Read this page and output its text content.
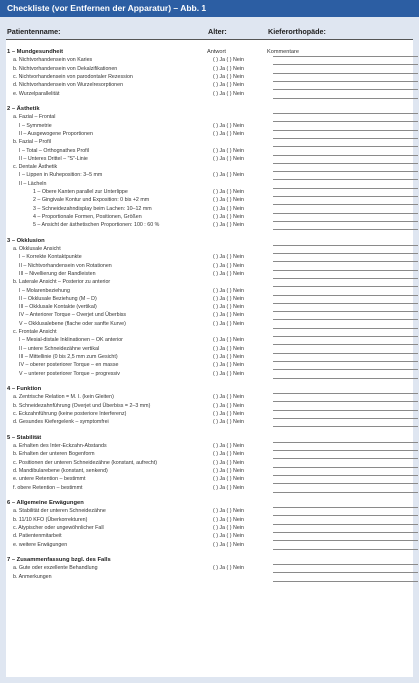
Checkliste (vor Entfernen der Apparatur) – Abb. 1
Patientenname:	Alter:	Kieferorthopäde:
Antwort	Kommentare
1 – Mundgesundheit
a. Nichtvorhandensein von Karies	( ) Ja ( ) Nein
b. Nichtvorhandensein von Dekalzifikationen	( ) Ja ( ) Nein
c. Nichtvorhandensein von parodontaler Rezession	( ) Ja ( ) Nein
d. Nichtvorhandensein von Wurzelresorptionen	( ) Ja ( ) Nein
e. Wurzelparallelität	( ) Ja ( ) Nein
2 – Ästhetik
a. Fazial – Frontal
I – Symmetrie	( ) Ja ( ) Nein
II – Ausgewogene Proportionen	( ) Ja ( ) Nein
b. Fazial – Profil
I – Total – Orthognathes Profil	( ) Ja ( ) Nein
II – Unteres Drittel – "S"-Linie	( ) Ja ( ) Nein
c. Dentale Ästhetik
I – Lippen in Ruheposition: 3–5 mm	( ) Ja ( ) Nein
II – Lächeln
1 – Obere Kanten parallel zur Unterlippe	( ) Ja ( ) Nein
2 – Gingivale Kontur und Exposition: 0 bis +2 mm	( ) Ja ( ) Nein
3 – Schneidezahndisplay beim Lachen: 10–12 mm	( ) Ja ( ) Nein
4 – Proportionale Formen, Positionen, Größen	( ) Ja ( ) Nein
5 – Ansicht der ästhetischen Proportionen: 100 : 60 %	( ) Ja ( ) Nein
3 – Okklusion
a. Okklusale Ansicht
I – Korrekte Kontaktpunkte	( ) Ja ( ) Nein
II – Nichtvorhandensein von Rotationen	( ) Ja ( ) Nein
III – Nivellierung der Randleisten	( ) Ja ( ) Nein
b. Laterale Ansicht – Posterior zu anterior
I – Molarenbeziehung	( ) Ja ( ) Nein
II – Okklusale Beziehung (M – D)	( ) Ja ( ) Nein
III – Okklusale Kontakte (vertikal)	( ) Ja ( ) Nein
IV – Anteriorer Torque – Overjet und Überbiss	( ) Ja ( ) Nein
V – Okklusalebene (flache oder sanfte Kurve)	( ) Ja ( ) Nein
c. Frontale Ansicht
I – Mesial-distale Inklinationen – OK anterior	( ) Ja ( ) Nein
II – untere Schneidezähne vertikal	( ) Ja ( ) Nein
III – Mittellinie (0 bis 2,5 mm zum Gesicht)	( ) Ja ( ) Nein
IV – oberer posteriorer Torque – en masse	( ) Ja ( ) Nein
V – unterer posteriorer Torque – progressiv	( ) Ja ( ) Nein
4 – Funktion
a. Zentrische Relation = M. I. (kein Gleiten)	( ) Ja ( ) Nein
b. Schneidezahnführung (Overjet und Überbiss = 2–3 mm)	( ) Ja ( ) Nein
c. Eckzahnführung (keine posteriore Interferenz)	( ) Ja ( ) Nein
d. Gesundes Kiefergelenk – symptomfrei	( ) Ja ( ) Nein
5 – Stabilität
a. Erhalten des Inter-Eckzahn-Abstands	( ) Ja ( ) Nein
b. Erhalten der unteren Bogenform	( ) Ja ( ) Nein
c. Positionen der unteren Schneidezähne (konstant, aufrecht)	( ) Ja ( ) Nein
d. Mandibularebene (konstant, senkend)	( ) Ja ( ) Nein
e. untere Retention – bestimmt	( ) Ja ( ) Nein
f. obere Retention – bestimmt	( ) Ja ( ) Nein
6 – Allgemeine Erwägungen
a. Stabilität der unteren Schneidezähne	( ) Ja ( ) Nein
b. 11/10 KFO (Überkorrekturen)	( ) Ja ( ) Nein
c. Atypischer oder ungewöhnlicher Fall	( ) Ja ( ) Nein
d. Patientenmitarbeit	( ) Ja ( ) Nein
e. weitere Erwägungen	( ) Ja ( ) Nein
7 – Zusammenfassung bzgl. des Falls
a. Gute oder exzellente Behandlung	( ) Ja ( ) Nein
b. Anmerkungen
